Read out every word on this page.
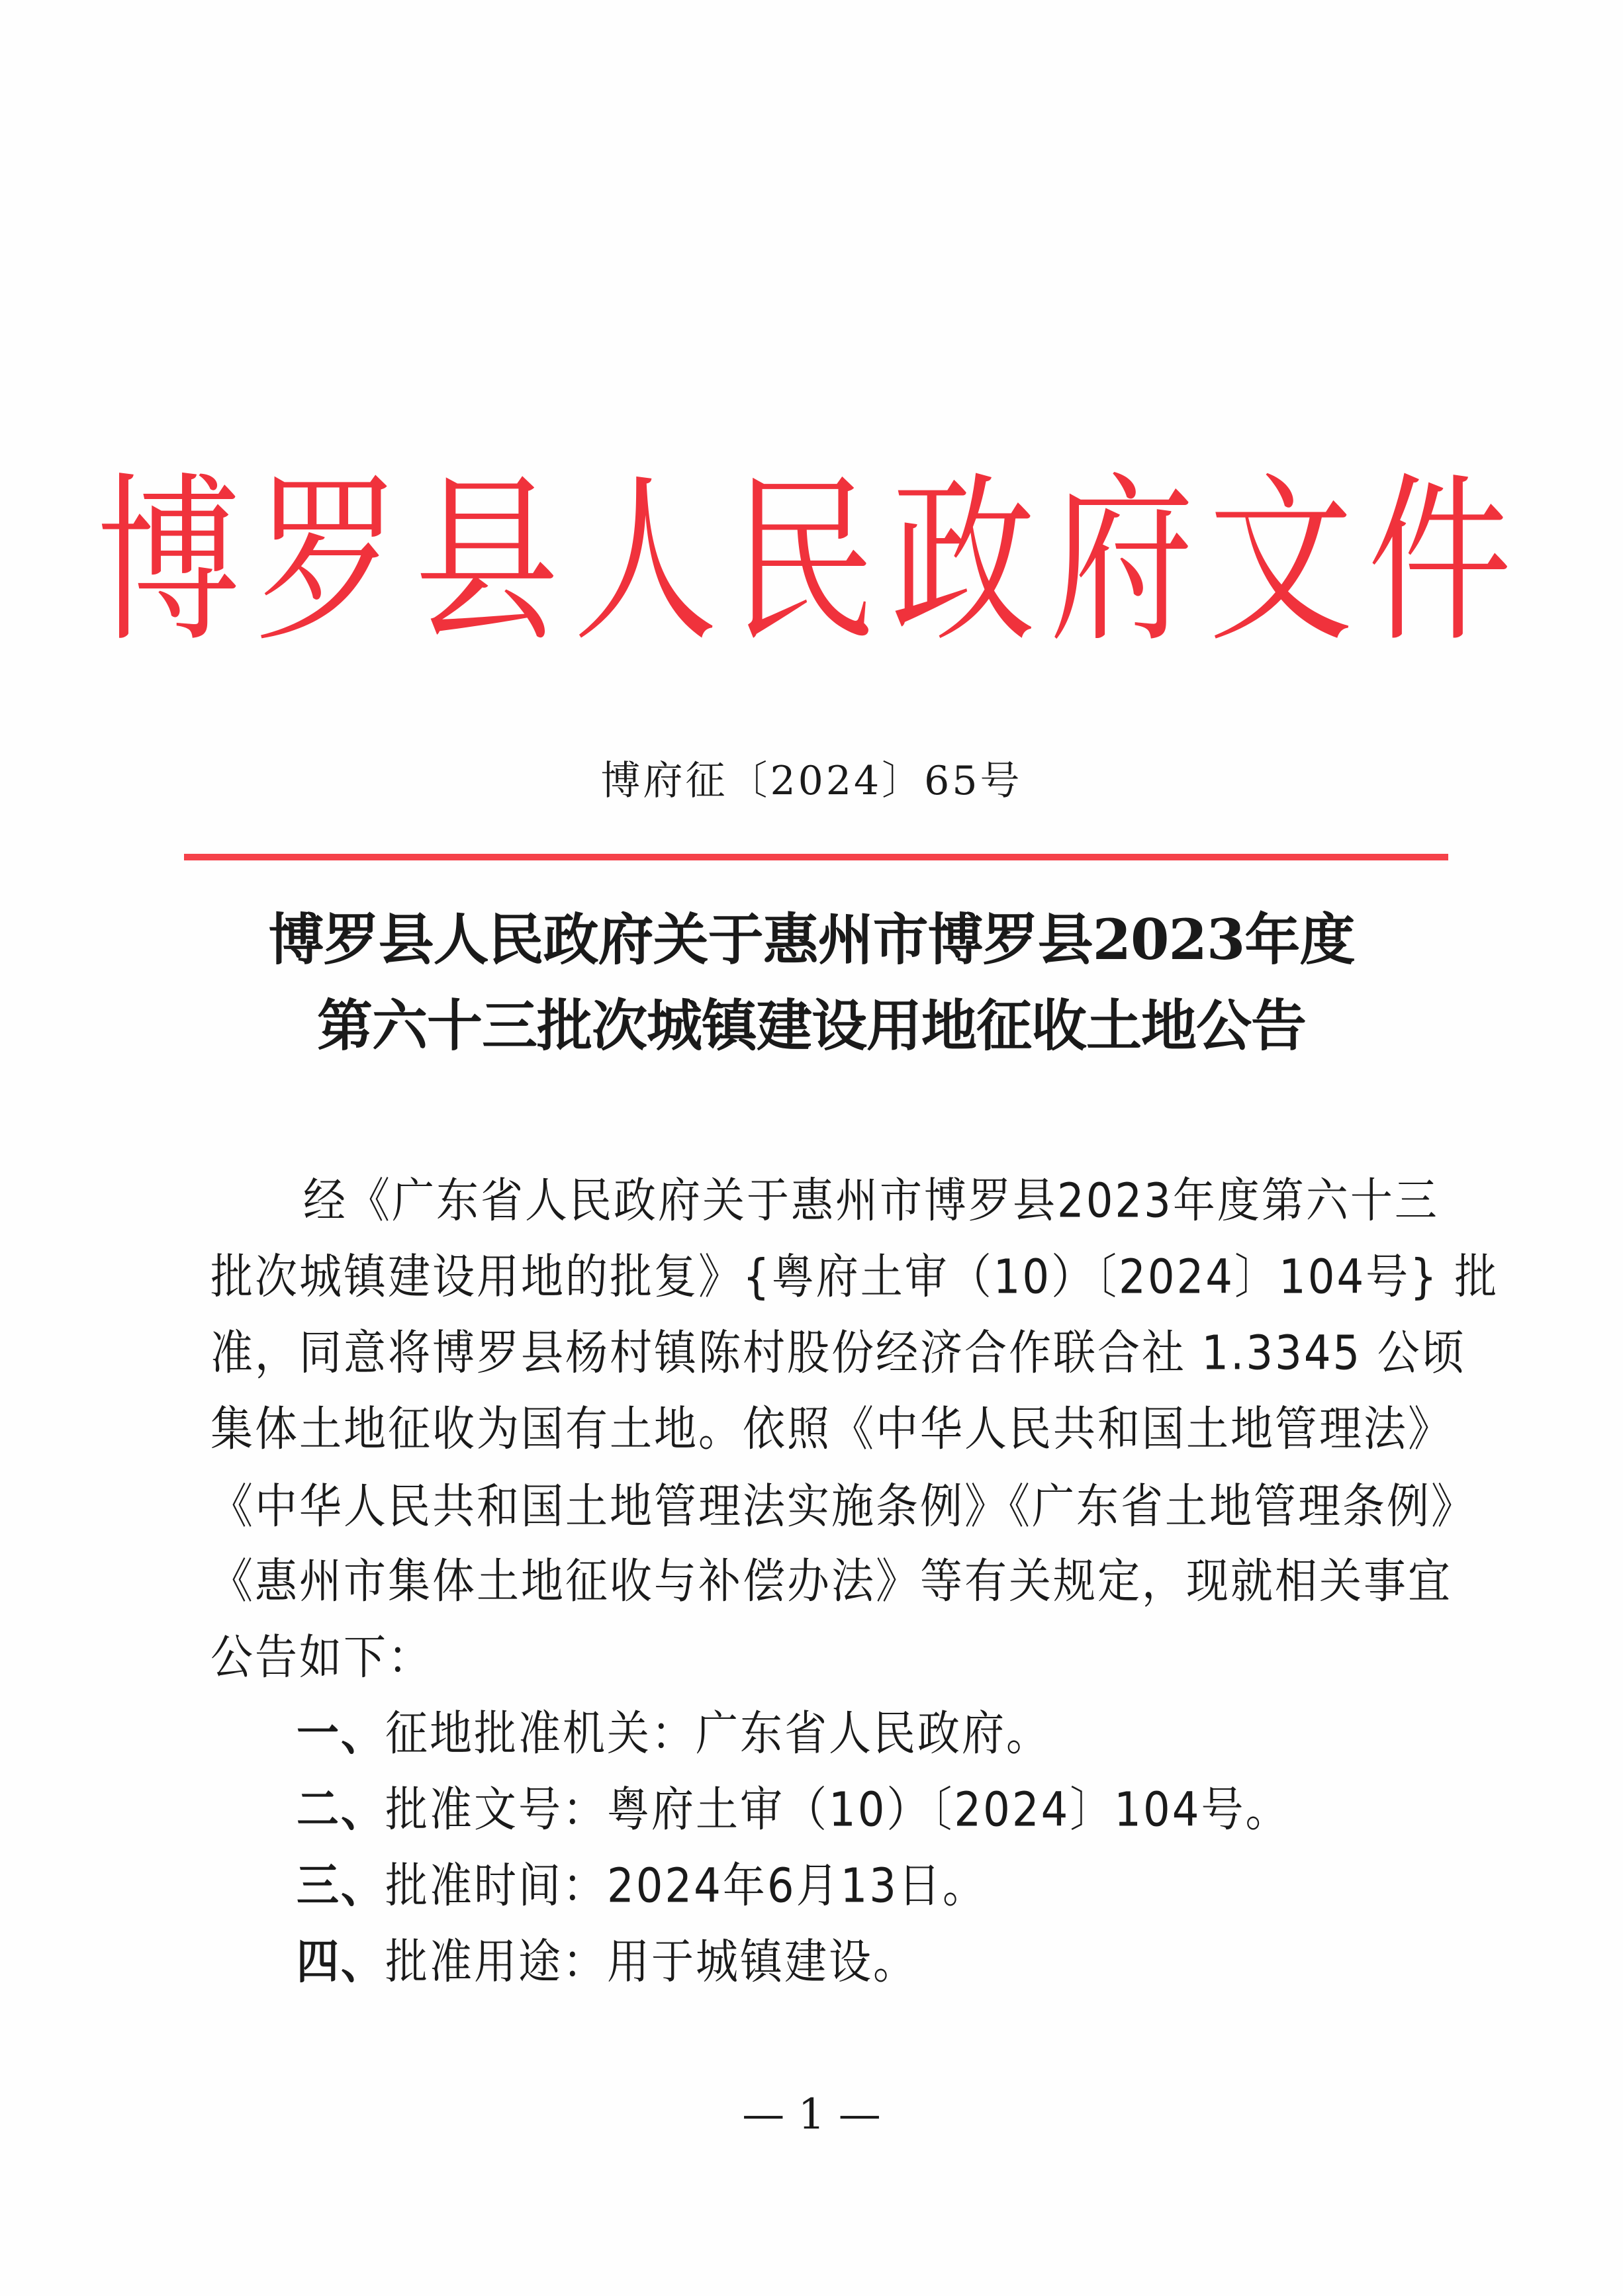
博罗县人民政府文件
博府征〔2024〕65号
博罗县人民政府关于惠州市博罗县2023年度
第六十三批次城镇建设用地征收土地公告
经《广东省人民政府关于惠州市博罗县2023年度第六十三
批次城镇建设用地的批复》{粤府土审（10）〔2024〕104号} 批
准，同意将博罗县杨村镇陈村股份经济合作联合社 1.3345 公顷
集体土地征收为国有土地。依照《中华人民共和国土地管理法》
《中华人民共和国土地管理法实施条例》《广东省土地管理条例》
《惠州市集体土地征收与补偿办法》等有关规定，现就相关事宜
公告如下：
一、征地批准机关：广东省人民政府。
二、批准文号：粤府土审（10）〔2024〕104号。
三、批准时间：2024年6月13日。
四、批准用途：用于城镇建设。
— 1 —
